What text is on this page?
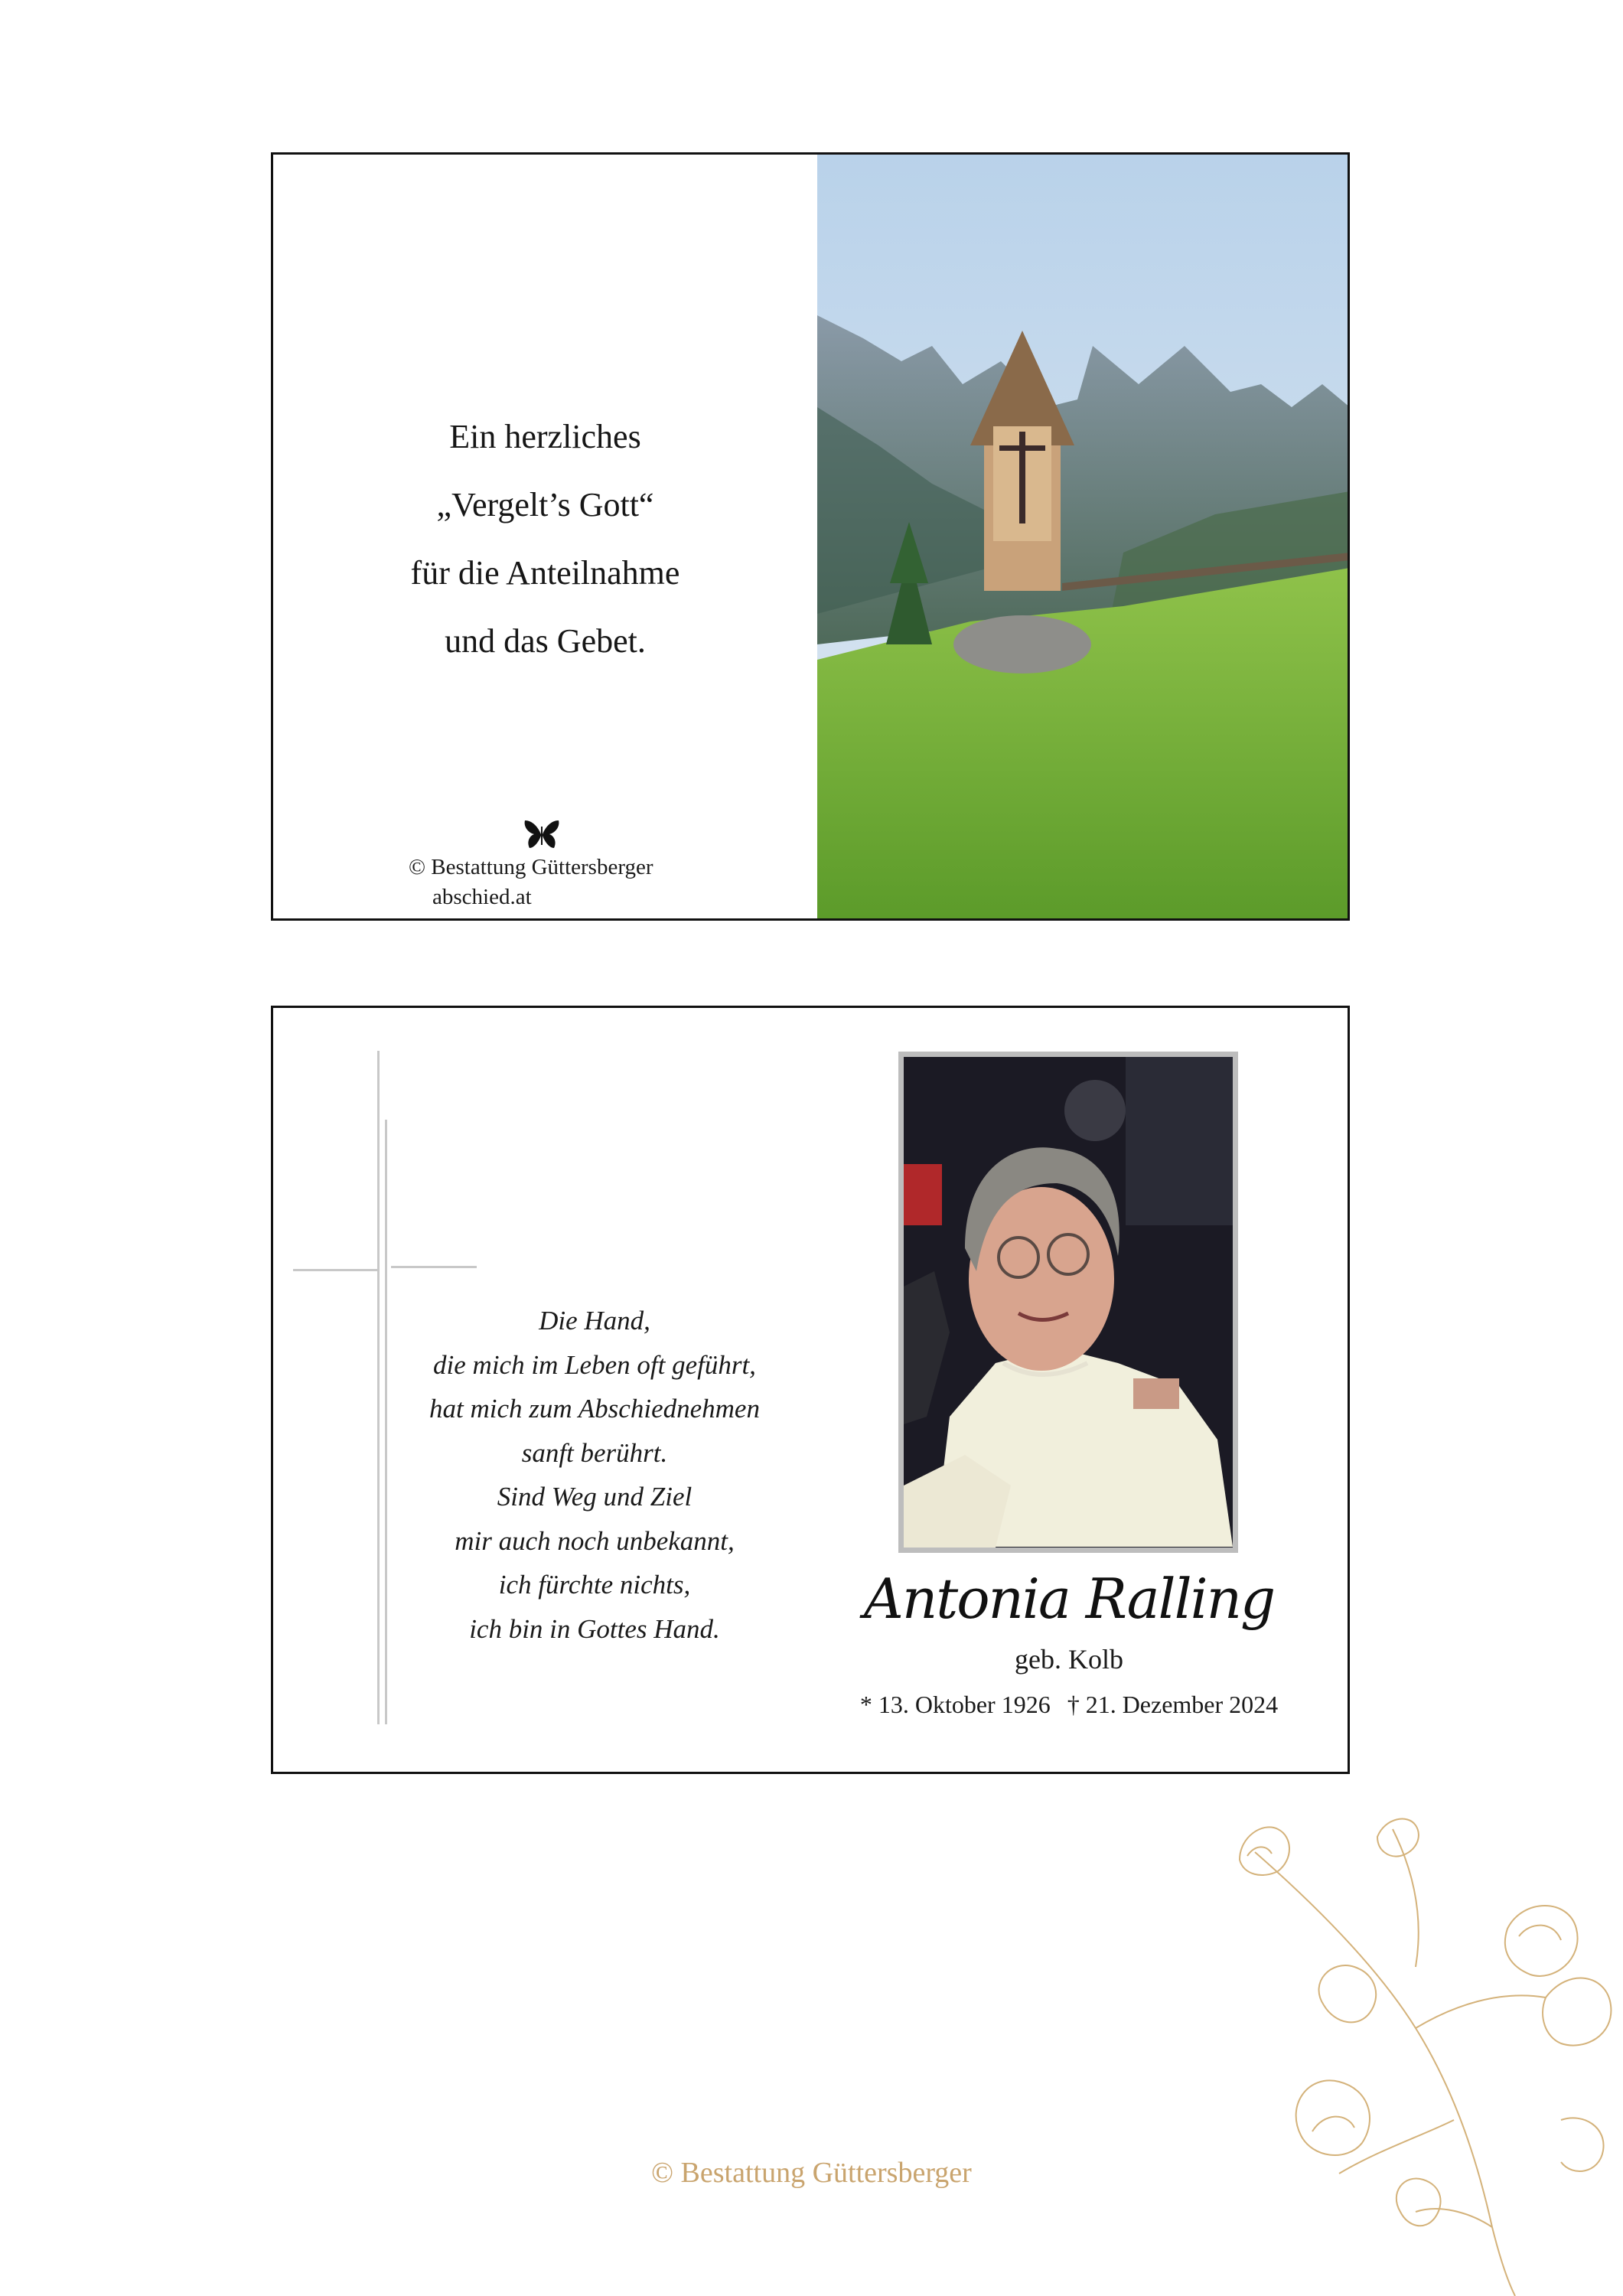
Ein herzliches
„Vergelt’s Gott“
für die Anteilnahme
und das Gebet.
© Bestattung Güttersberger
abschied.at
Die Hand,
die mich im Leben oft geführt,
hat mich zum Abschiednehmen
sanft berührt.
Sind Weg und Ziel
mir auch noch unbekannt,
ich fürchte nichts,
ich bin in Gottes Hand.	Antonia Ralling
geb. Kolb
* 13. Oktober 1926 † 21. Dezember 2024
© Bestattung Güttersberger
